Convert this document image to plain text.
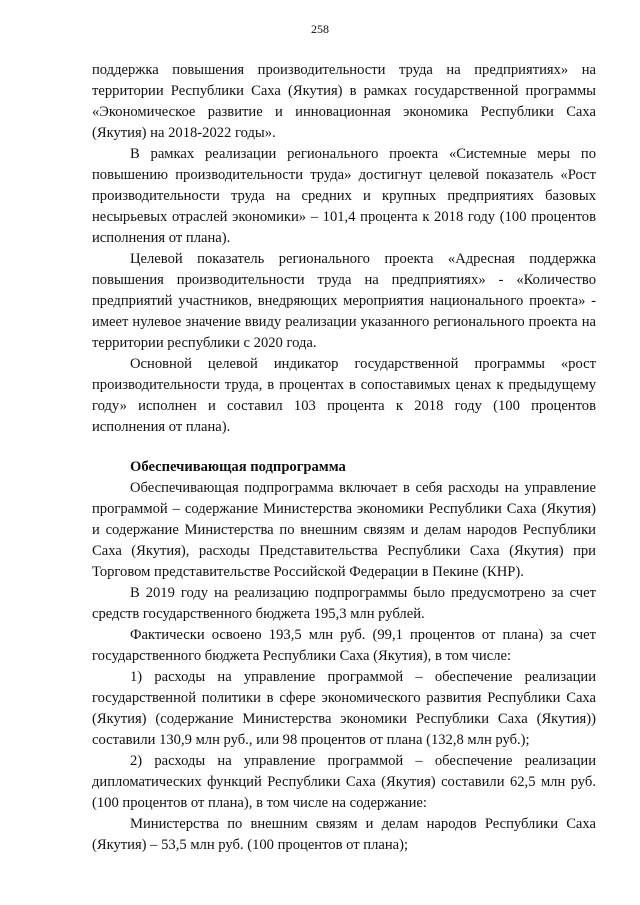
258

поддержка повышения производительности труда на предприятиях» на территории Республики Саха (Якутия) в рамках государственной программы «Экономическое развитие и инновационная экономика Республики Саха (Якутия) на 2018-2022 годы».

В рамках реализации регионального проекта «Системные меры по повышению производительности труда» достигнут целевой показатель «Рост производительности труда на средних и крупных предприятиях базовых несырьевых отраслей экономики» – 101,4 процента к 2018 году (100 процентов исполнения от плана).

Целевой показатель регионального проекта «Адресная поддержка повышения производительности труда на предприятиях» - «Количество предприятий участников, внедряющих мероприятия национального проекта» - имеет нулевое значение ввиду реализации указанного регионального проекта на территории республики с 2020 года.

Основной целевой индикатор государственной программы «рост производительности труда, в процентах в сопоставимых ценах к предыдущему году» исполнен и составил 103 процента к 2018 году (100 процентов исполнения от плана).

Обеспечивающая подпрограмма

Обеспечивающая подпрограмма включает в себя расходы на управление программой – содержание Министерства экономики Республики Саха (Якутия) и содержание Министерства по внешним связям и делам народов Республики Саха (Якутия), расходы Представительства Республики Саха (Якутия) при Торговом представительстве Российской Федерации в Пекине (КНР).

В 2019 году на реализацию подпрограммы было предусмотрено за счет средств государственного бюджета 195,3 млн рублей.

Фактически освоено 193,5 млн руб. (99,1 процентов от плана) за счет государственного бюджета Республики Саха (Якутия), в том числе:

1) расходы на управление программой – обеспечение реализации государственной политики в сфере экономического развития Республики Саха (Якутия) (содержание Министерства экономики Республики Саха (Якутия)) составили 130,9 млн руб., или 98 процентов от плана (132,8 млн руб.);

2) расходы на управление программой – обеспечение реализации дипломатических функций Республики Саха (Якутия) составили 62,5 млн руб. (100 процентов от плана), в том числе на содержание:

Министерства по внешним связям и делам народов Республики Саха (Якутия) – 53,5 млн руб. (100 процентов от плана);
